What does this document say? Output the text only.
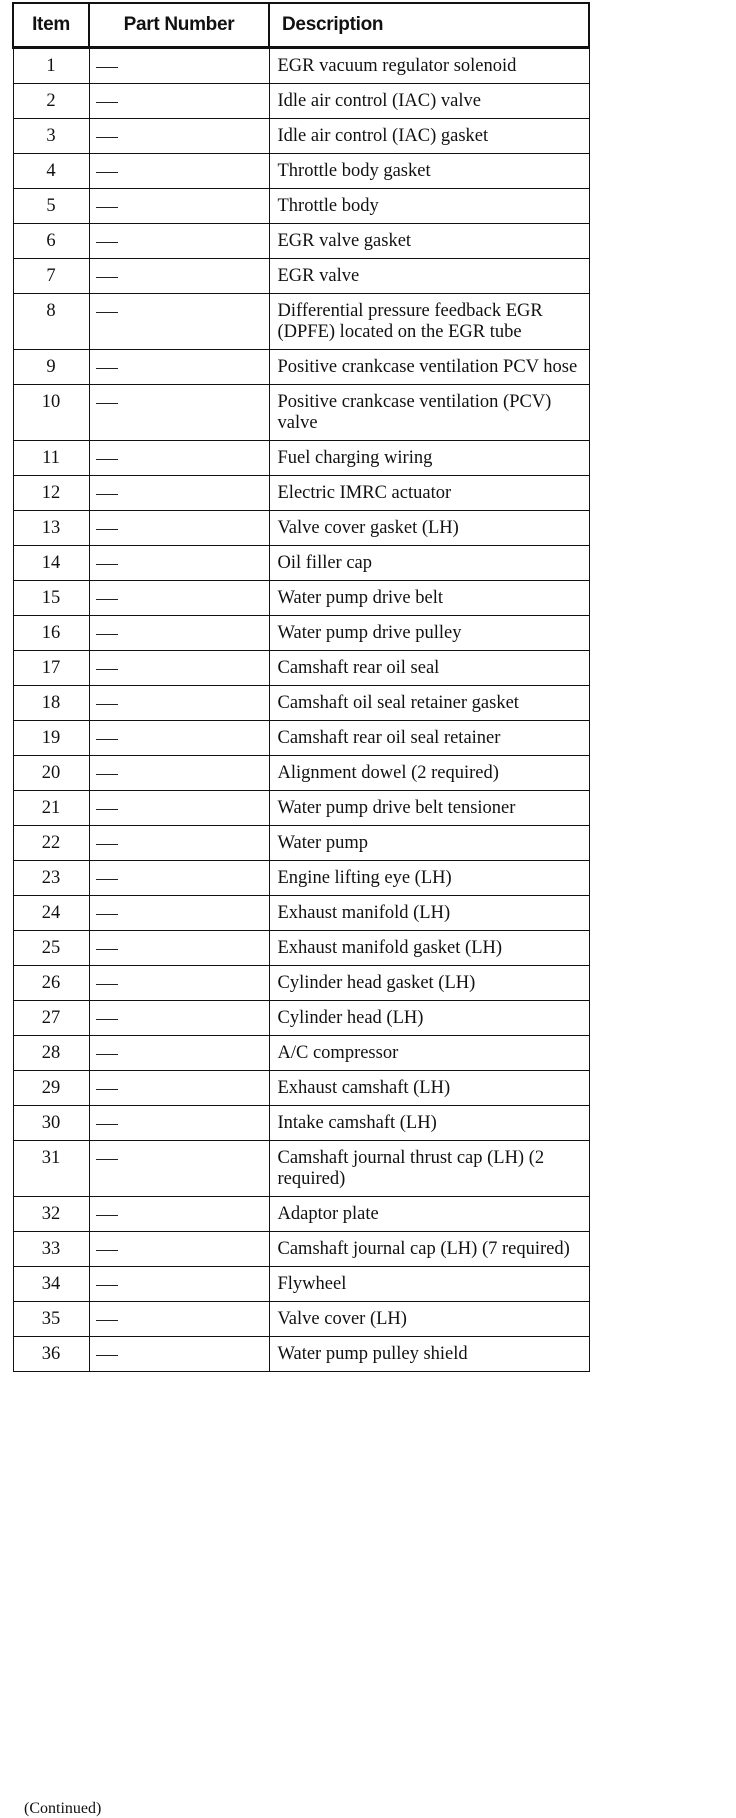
Item	Part Number	Description
1		EGR vacuum regulator solenoid
2		Idle air control (IAC) valve
3		Idle air control (IAC) gasket
4		Throttle body gasket
5		Throttle body
6		EGR valve gasket
7		EGR valve
8		Differential pressure feedback EGR (DPFE) located on the EGR tube
9		Positive crankcase ventilation PCV hose
10		Positive crankcase ventilation (PCV) valve
11		Fuel charging wiring
12		Electric IMRC actuator
13		Valve cover gasket (LH)
14		Oil filler cap
15		Water pump drive belt
16		Water pump drive pulley
17		Camshaft rear oil seal
18		Camshaft oil seal retainer gasket
19		Camshaft rear oil seal retainer
20		Alignment dowel (2 required)
21		Water pump drive belt tensioner
22		Water pump
23		Engine lifting eye (LH)
24		Exhaust manifold (LH)
25		Exhaust manifold gasket (LH)
26		Cylinder head gasket (LH)
27		Cylinder head (LH)
28		A/C compressor
29		Exhaust camshaft (LH)
30		Intake camshaft (LH)
31		Camshaft journal thrust cap (LH) (2 required)
32		Adaptor plate
33		Camshaft journal cap (LH) (7 required)
34		Flywheel
35		Valve cover (LH)
36		Water pump pulley shield
(Continued)
